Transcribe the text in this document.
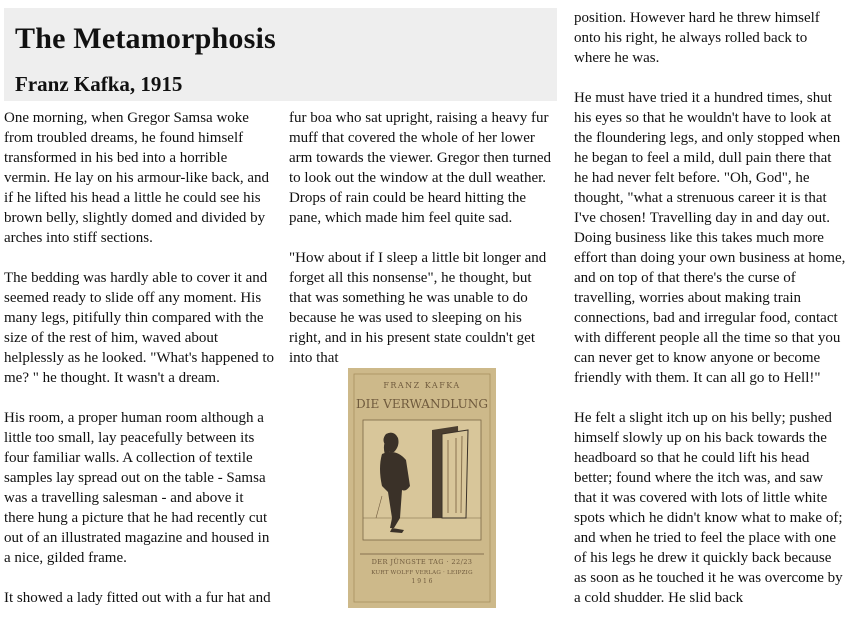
The Metamorphosis
Franz Kafka, 1915

One morning, when Gregor Samsa woke from troubled dreams, he found himself transformed in his bed into a horrible vermin. He lay on his armour-like back, and if he lifted his head a little he could see his brown belly, slightly domed and divided by arches into stiff sections.

The bedding was hardly able to cover it and seemed ready to slide off any moment. His many legs, pitifully thin compared with the size of the rest of him, waved about helplessly as he looked. "What's happened to me? " he thought. It wasn't a dream.

His room, a proper human room although a little too small, lay peacefully between its four familiar walls. A collection of textile samples lay spread out on the table - Samsa was a travelling salesman - and above it there hung a picture that he had recently cut out of an illustrated magazine and housed in a nice, gilded frame.

It showed a lady fitted out with a fur hat and

fur boa who sat upright, raising a heavy fur muff that covered the whole of her lower arm towards the viewer. Gregor then turned to look out the window at the dull weather. Drops of rain could be heard hitting the pane, which made him feel quite sad.

"How about if I sleep a little bit longer and forget all this nonsense", he thought, but that was something he was unable to do because he was used to sleeping on his right, and in his present state couldn't get into that

FRANZ KAFKA
DIE VERWANDLUNG
DER JÜNGSTE TAG · 22/23
KURT WOLFF VERLAG · LEIPZIG
1 9 1 6

position. However hard he threw himself onto his right, he always rolled back to where he was.

He must have tried it a hundred times, shut his eyes so that he wouldn't have to look at the floundering legs, and only stopped when he began to feel a mild, dull pain there that he had never felt before. "Oh, God", he thought, "what a strenuous career it is that I've chosen! Travelling day in and day out. Doing business like this takes much more effort than doing your own business at home, and on top of that there's the curse of travelling, worries about making train connections, bad and irregular food, contact with different people all the time so that you can never get to know anyone or become friendly with them. It can all go to Hell!"

He felt a slight itch up on his belly; pushed himself slowly up on his back towards the headboard so that he could lift his head better; found where the itch was, and saw that it was covered with lots of little white spots which he didn't know what to make of; and when he tried to feel the place with one of his legs he drew it quickly back because as soon as he touched it he was overcome by a cold shudder. He slid back
